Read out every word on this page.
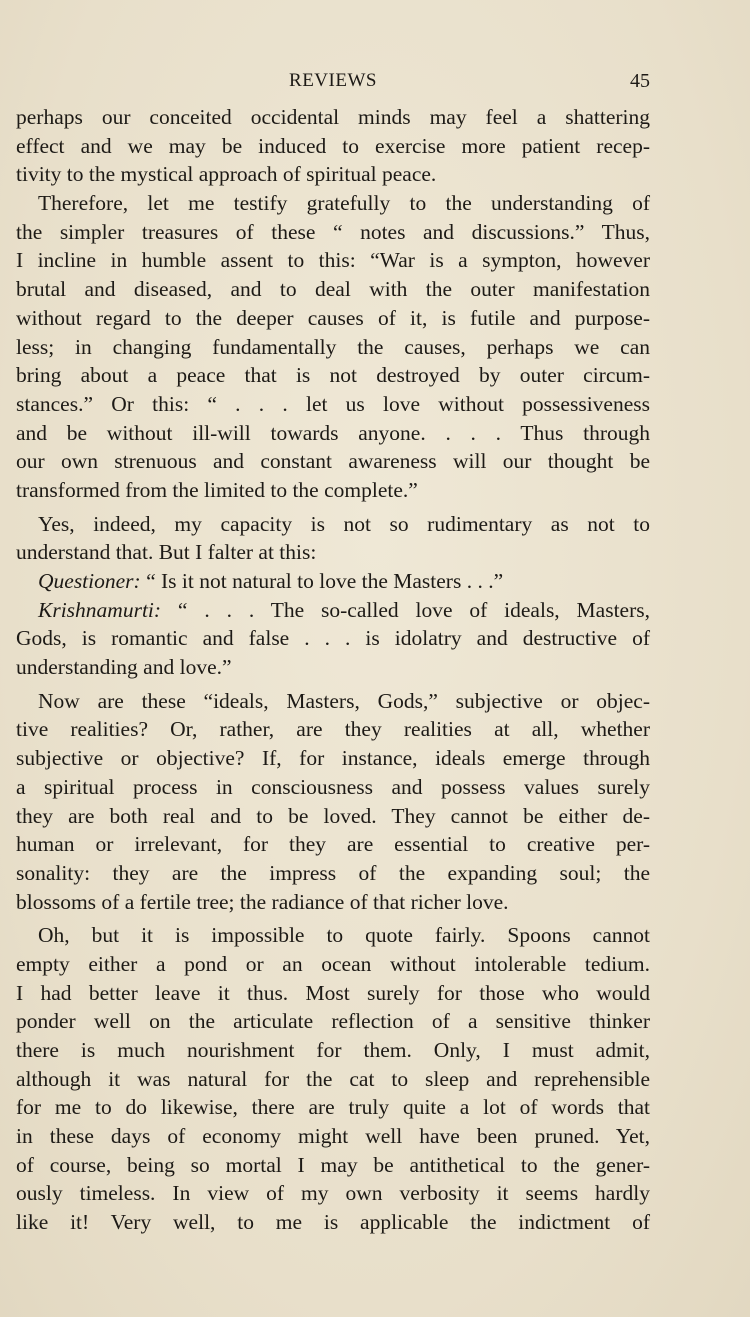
REVIEWS	45
perhaps our conceited occidental minds may feel a shattering
effect and we may be induced to exercise more patient recep-
tivity to the mystical approach of spiritual peace.
Therefore, let me testify gratefully to the understanding of
the simpler treasures of these “ notes and discussions.” Thus,
I incline in humble assent to this: “War is a sympton, however
brutal and diseased, and to deal with the outer manifestation
without regard to the deeper causes of it, is futile and purpose-
less; in changing fundamentally the causes, perhaps we can
bring about a peace that is not destroyed by outer circum-
stances.” Or this: “ . . . let us love without possessiveness
and be without ill-will towards anyone. . . . Thus through
our own strenuous and constant awareness will our thought be
transformed from the limited to the complete.”
Yes, indeed, my capacity is not so rudimentary as not to
understand that. But I falter at this:
Questioner: “ Is it not natural to love the Masters . . .”
Krishnamurti: “ . . . The so-called love of ideals, Masters,
Gods, is romantic and false . . . is idolatry and destructive of
understanding and love.”
Now are these “ideals, Masters, Gods,” subjective or objec-
tive realities? Or, rather, are they realities at all, whether
subjective or objective? If, for instance, ideals emerge through
a spiritual process in consciousness and possess values surely
they are both real and to be loved. They cannot be either de-
human or irrelevant, for they are essential to creative per-
sonality: they are the impress of the expanding soul; the
blossoms of a fertile tree; the radiance of that richer love.
Oh, but it is impossible to quote fairly. Spoons cannot
empty either a pond or an ocean without intolerable tedium.
I had better leave it thus. Most surely for those who would
ponder well on the articulate reflection of a sensitive thinker
there is much nourishment for them. Only, I must admit,
although it was natural for the cat to sleep and reprehensible
for me to do likewise, there are truly quite a lot of words that
in these days of economy might well have been pruned. Yet,
of course, being so mortal I may be antithetical to the gener-
ously timeless. In view of my own verbosity it seems hardly
like it! Very well, to me is applicable the indictment of
